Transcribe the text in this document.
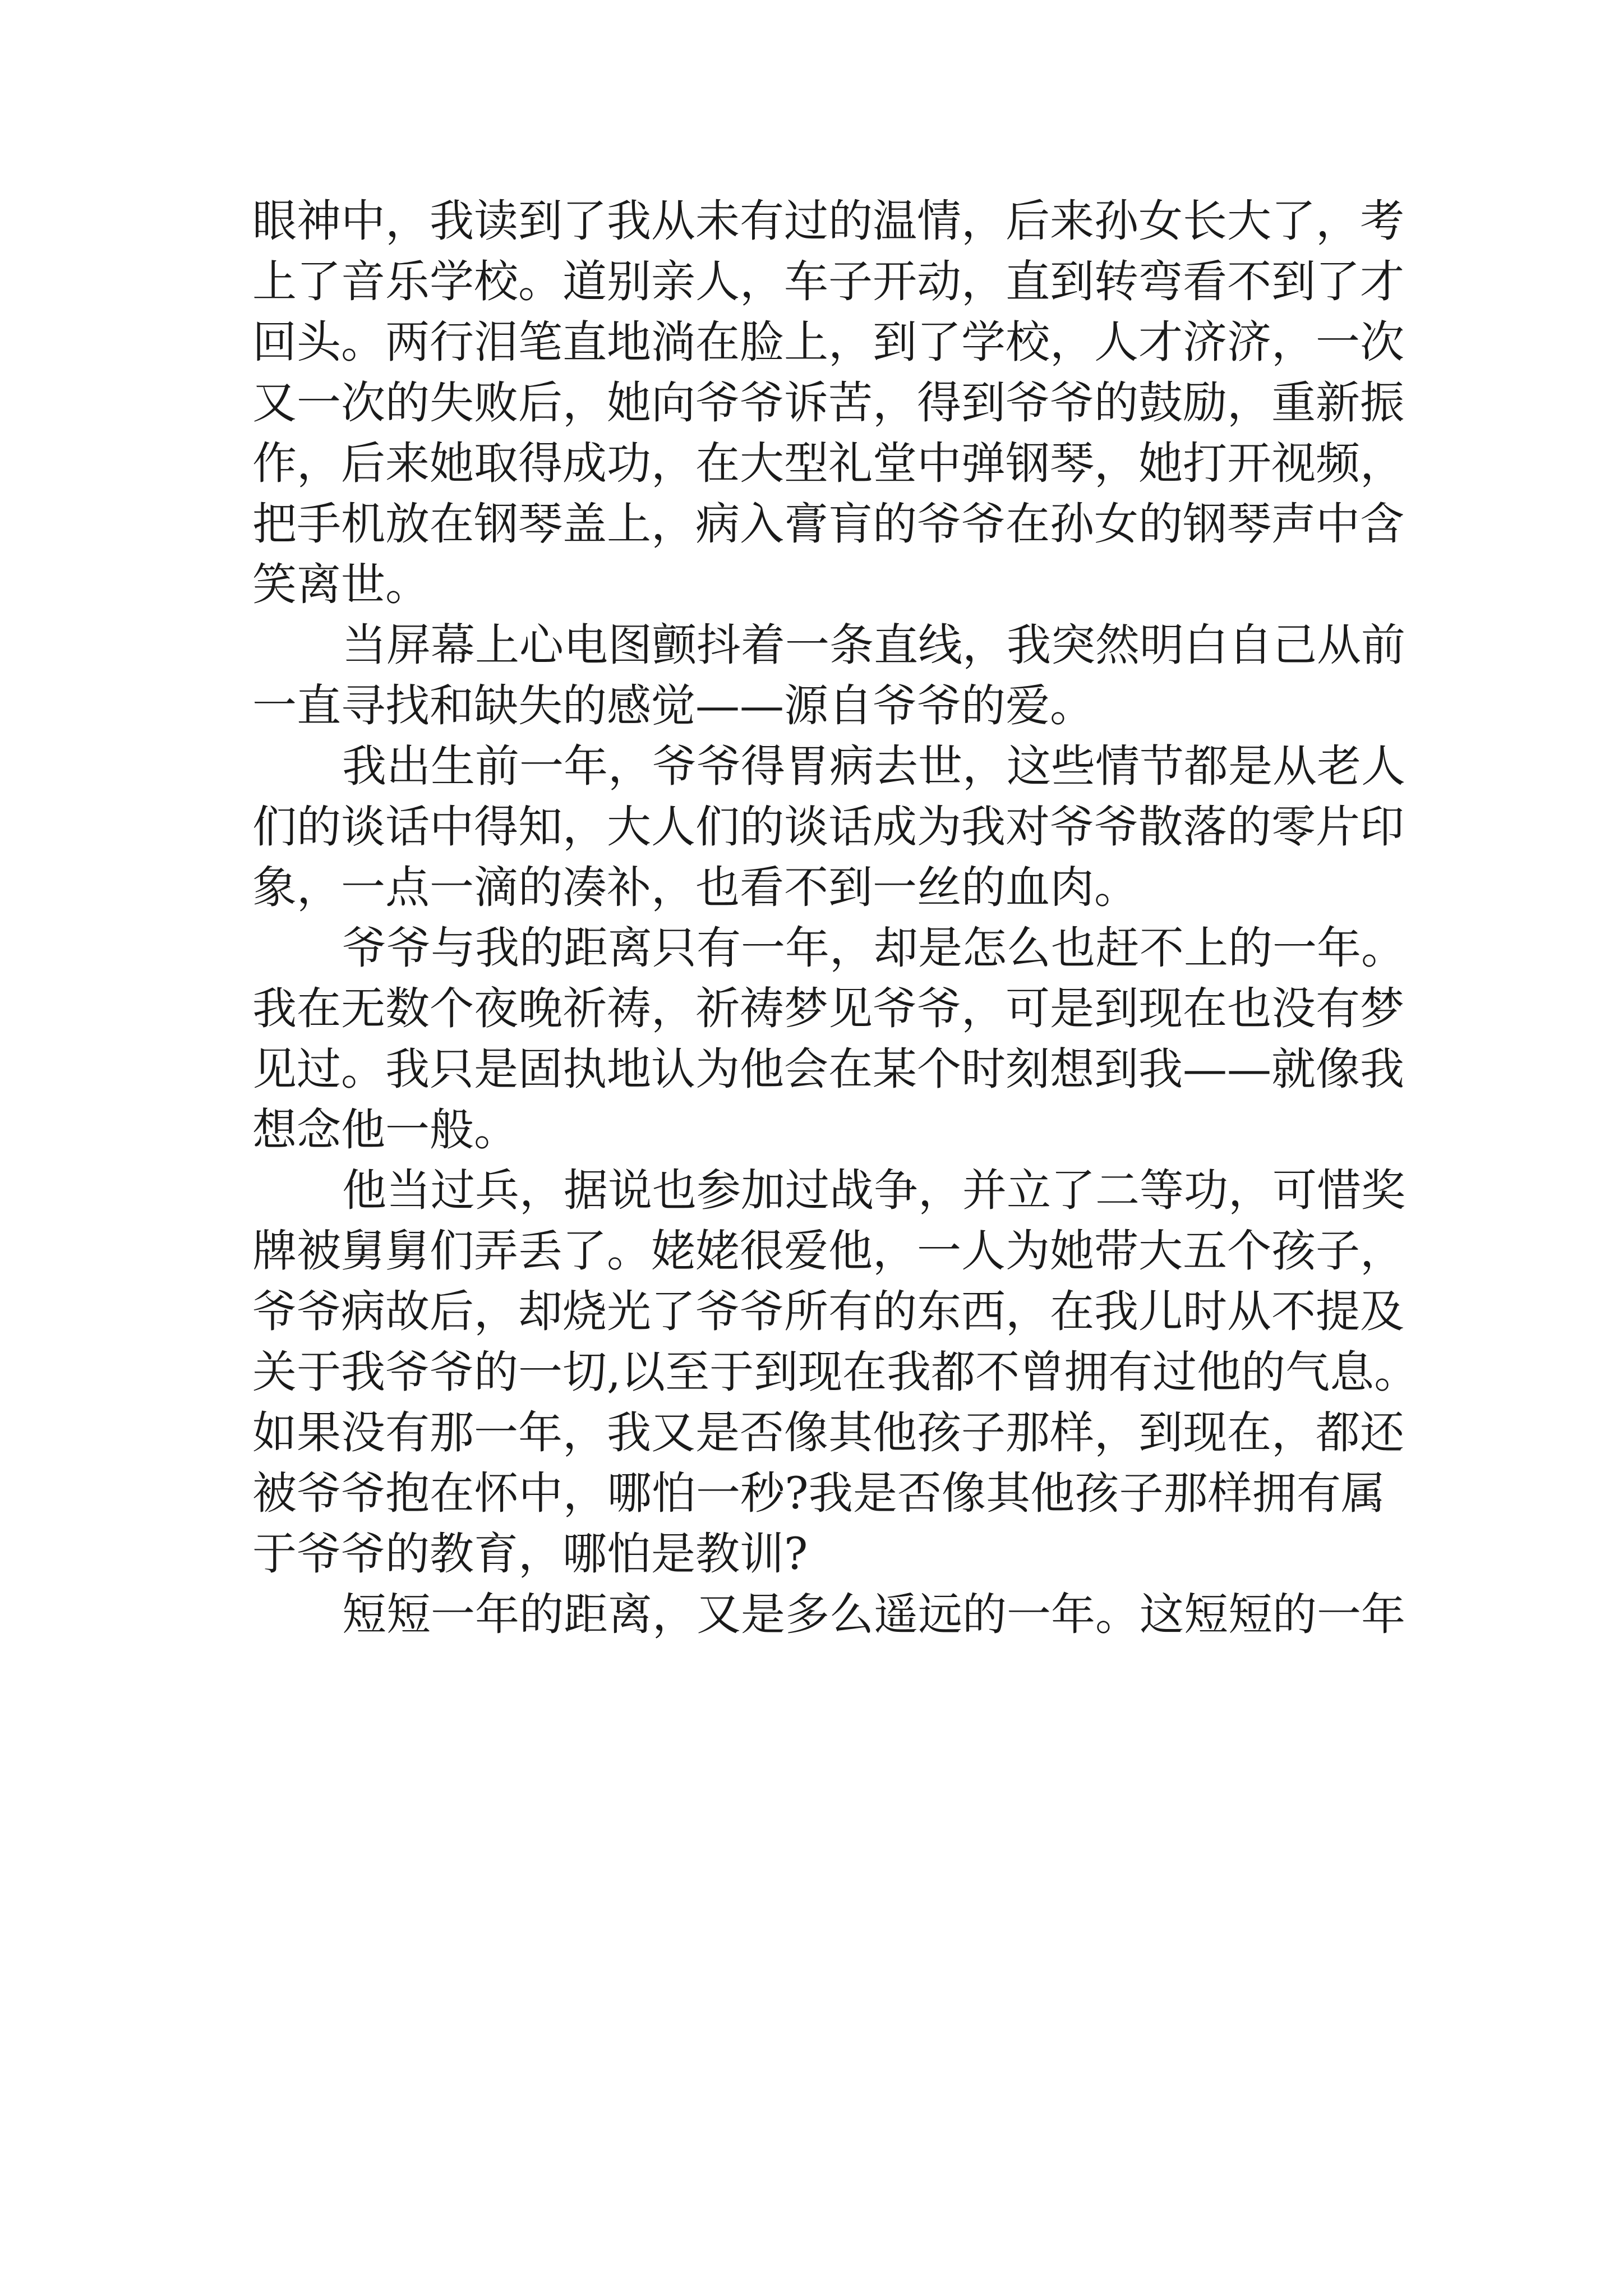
眼神中，我读到了我从未有过的温情，后来孙女长大了，考
上了音乐学校。道别亲人，车子开动，直到转弯看不到了才
回头。两行泪笔直地淌在脸上，到了学校，人才济济，一次
又一次的失败后，她向爷爷诉苦，得到爷爷的鼓励，重新振
作，后来她取得成功，在大型礼堂中弹钢琴，她打开视频，
把手机放在钢琴盖上，病入膏肓的爷爷在孙女的钢琴声中含
笑离世。
当屏幕上心电图颤抖着一条直线，我突然明白自己从前
一直寻找和缺失的感觉——源自爷爷的爱。
我出生前一年，爷爷得胃病去世，这些情节都是从老人
们的谈话中得知，大人们的谈话成为我对爷爷散落的零片印
象，一点一滴的凑补，也看不到一丝的血肉。
爷爷与我的距离只有一年，却是怎么也赶不上的一年。
我在无数个夜晚祈祷，祈祷梦见爷爷，可是到现在也没有梦
见过。我只是固执地认为他会在某个时刻想到我——就像我
想念他一般。
他当过兵，据说也参加过战争，并立了二等功，可惜奖
牌被舅舅们弄丢了。姥姥很爱他，一人为她带大五个孩子，
爷爷病故后，却烧光了爷爷所有的东西，在我儿时从不提及
关于我爷爷的一切,以至于到现在我都不曾拥有过他的气息。
如果没有那一年，我又是否像其他孩子那样，到现在，都还
被爷爷抱在怀中，哪怕一秒?我是否像其他孩子那样拥有属
于爷爷的教育，哪怕是教训?
短短一年的距离，又是多么遥远的一年。这短短的一年
